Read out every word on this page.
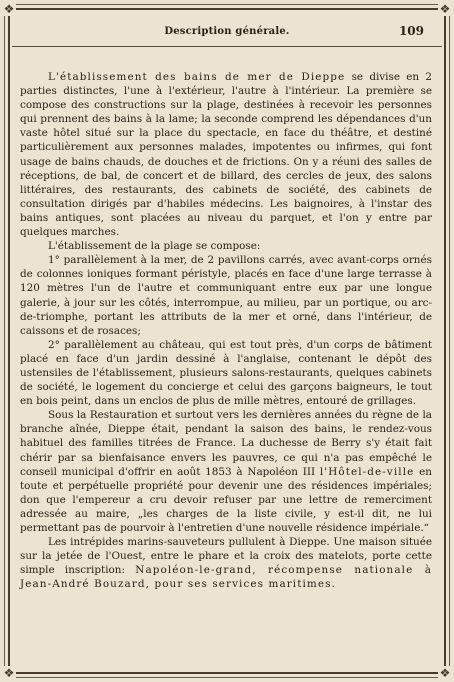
❖	❖
❖	❖
Description générale.	109

L'établissement des bains de mer de Dieppe se divise en 2 parties distinctes, l'une à l'extérieur, l'autre à l'intérieur. La première se compose des constructions sur la plage, destinées à recevoir les personnes qui prennent des bains à la lame; la seconde comprend les dépendances d'un vaste hôtel situé sur la place du spectacle, en face du théâtre, et destiné particulièrement aux personnes malades, impotentes ou infirmes, qui font usage de bains chauds, de douches et de frictions. On y a réuni des salles de réceptions, de bal, de concert et de billard, des cercles de jeux, des salons littéraires, des restaurants, des cabinets de société, des cabinets de consultation dirigés par d'habiles médecins. Les baignoires, à l'instar des bains antiques, sont placées au niveau du parquet, et l'on y entre par quelques marches.

L'établissement de la plage se compose:

1° parallèlement à la mer, de 2 pavillons carrés, avec avant-corps ornés de colonnes ioniques formant péristyle, placés en face d'une large terrasse à 120 mètres l'un de l'autre et communiquant entre eux par une longue galerie, à jour sur les côtés, interrompue, au milieu, par un portique, ou arc-de-triomphe, portant les attributs de la mer et orné, dans l'intérieur, de caissons et de rosaces;

2° parallèlement au château, qui est tout près, d'un corps de bâtiment placé en face d'un jardin dessiné à l'anglaise, contenant le dépôt des ustensiles de l'établissement, plusieurs salons-restaurants, quelques cabinets de société, le logement du concierge et celui des garçons baigneurs, le tout en bois peint, dans un enclos de plus de mille mètres, entouré de grillages.

Sous la Restauration et surtout vers les dernières années du règne de la branche aînée, Dieppe était, pendant la saison des bains, le rendez-vous habituel des familles titrées de France. La duchesse de Berry s'y était fait chérir par sa bienfaisance envers les pauvres, ce qui n'a pas empêché le conseil municipal d'offrir en août 1853 à Napoléon III l'Hôtel-de-ville en toute et perpétuelle propriété pour devenir une des résidences impériales; don que l'empereur a cru devoir refuser par une lettre de remerciment adressée au maire, „les charges de la liste civile, y est-il dit, ne lui permettant pas de pourvoir à l'entretien d'une nouvelle résidence impériale.“

Les intrépides marins-sauveteurs pullulent à Dieppe. Une maison située sur la jetée de l'Ouest, entre le phare et la croix des matelots, porte cette simple inscription: Napoléon-le-grand, récompense nationale à Jean-André Bouzard, pour ses services maritimes.
